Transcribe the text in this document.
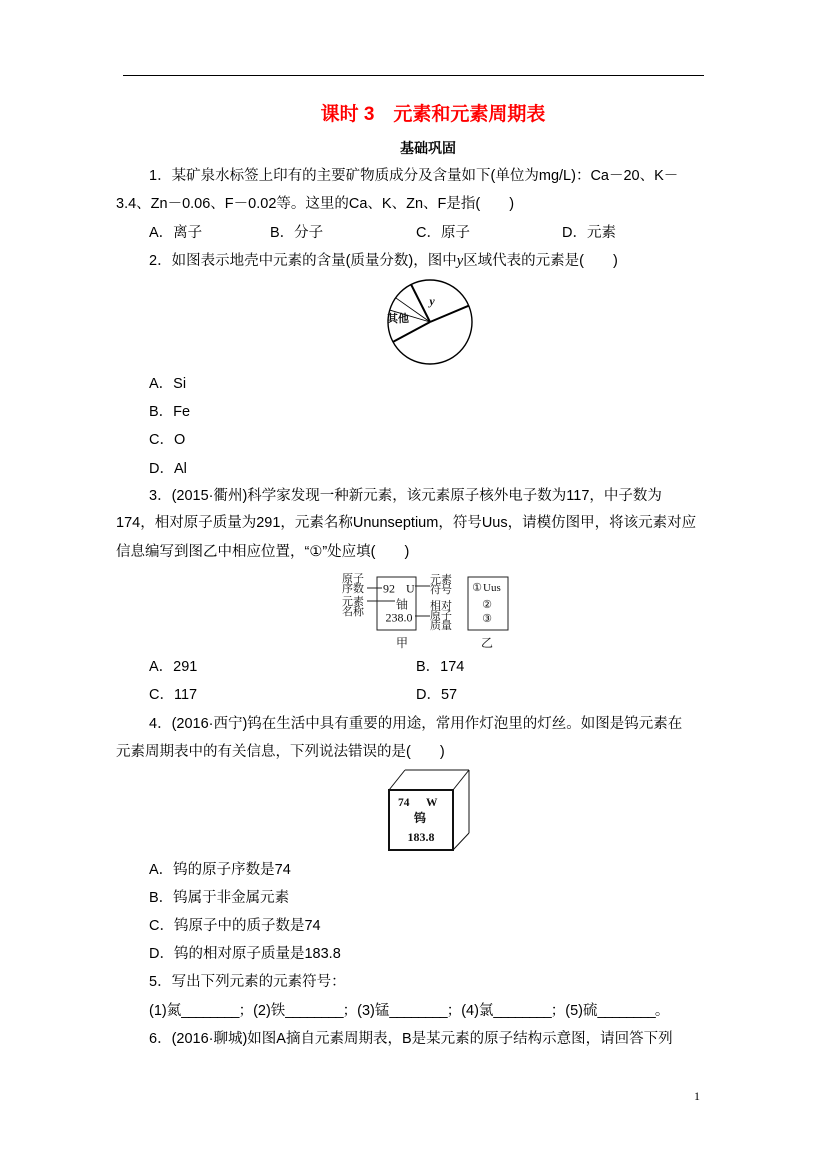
课时 3　元素和元素周期表
基础巩固
1．某矿泉水标签上印有的主要矿物质成分及含量如下(单位为mg/L)：Ca－20、K－
3.4、Zn－0.06、F－0.02等。这里的Ca、K、Zn、F是指(　　)
A．离子	B．分子	C．原子	D．元素
2．如图表示地壳中元素的含量(质量分数)，图中y区域代表的元素是(　　)
y
其他
A．Si
B．Fe
C．O
D．Al
3．(2015·衢州)科学家发现一种新元素，该元素原子核外电子数为117，中子数为
174，相对原子质量为291，元素名称Ununseptium，符号Uus，请模仿图甲，将该元素对应
信息编写到图乙中相应位置，“①”处应填(　　)
原子
序数
元素
名称
92 U
铀
238.0
元素
符号
相对
原子
质量
甲
① Uus
②
③
乙
A．291	B．174
C．117	D．57
4．(2016·西宁)钨在生活中具有重要的用途，常用作灯泡里的灯丝。如图是钨元素在
元素周期表中的有关信息，下列说法错误的是(　　)
74 W
钨
183.8
A．钨的原子序数是74
B．钨属于非金属元素
C．钨原子中的质子数是74
D．钨的相对原子质量是183.8
5．写出下列元素的元素符号：
(1)氮________；(2)铁________；(3)锰________；(4)氯________；(5)硫________。
6．(2016·聊城)如图A摘自元素周期表，B是某元素的原子结构示意图，请回答下列
1
